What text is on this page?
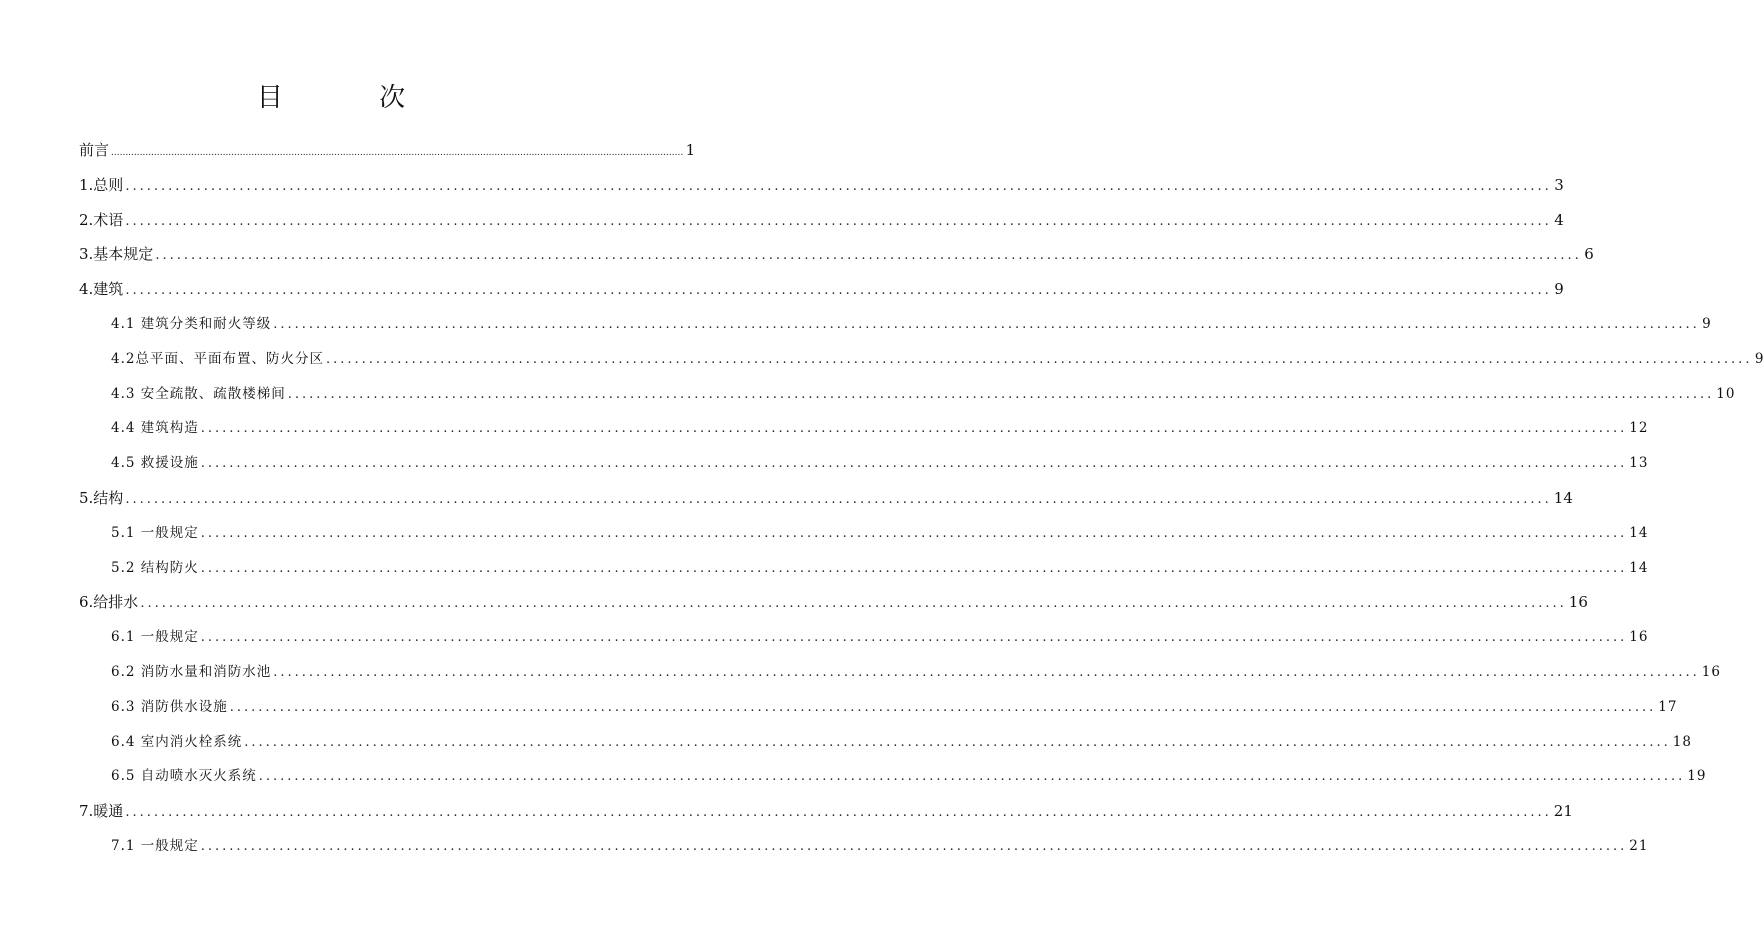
目 次
前言 ........................................................................................................................................................................................................ 1
1.总则 ........................................................................................................................................................................................................ 3
2.术语 ........................................................................................................................................................................................................ 4
3.基本规定 ........................................................................................................................................................................................................ 6
4.建筑 ........................................................................................................................................................................................................ 9
4.1 建筑分类和耐火等级 ........................................................................................................................................................................................................ 9
4.2总平面、平面布置、防火分区 ........................................................................................................................................................................................................ 9
4.3 安全疏散、疏散楼梯间 ........................................................................................................................................................................................................ 10
4.4 建筑构造 ........................................................................................................................................................................................................ 12
4.5 救援设施 ........................................................................................................................................................................................................ 13
5.结构 ........................................................................................................................................................................................................ 14
5.1 一般规定 ........................................................................................................................................................................................................ 14
5.2 结构防火 ........................................................................................................................................................................................................ 14
6.给排水 ........................................................................................................................................................................................................ 16
6.1 一般规定 ........................................................................................................................................................................................................ 16
6.2 消防水量和消防水池 ........................................................................................................................................................................................................ 16
6.3 消防供水设施 ........................................................................................................................................................................................................ 17
6.4 室内消火栓系统 ........................................................................................................................................................................................................ 18
6.5 自动喷水灭火系统 ........................................................................................................................................................................................................ 19
7.暖通 ........................................................................................................................................................................................................ 21
7.1 一般规定 ........................................................................................................................................................................................................ 21
